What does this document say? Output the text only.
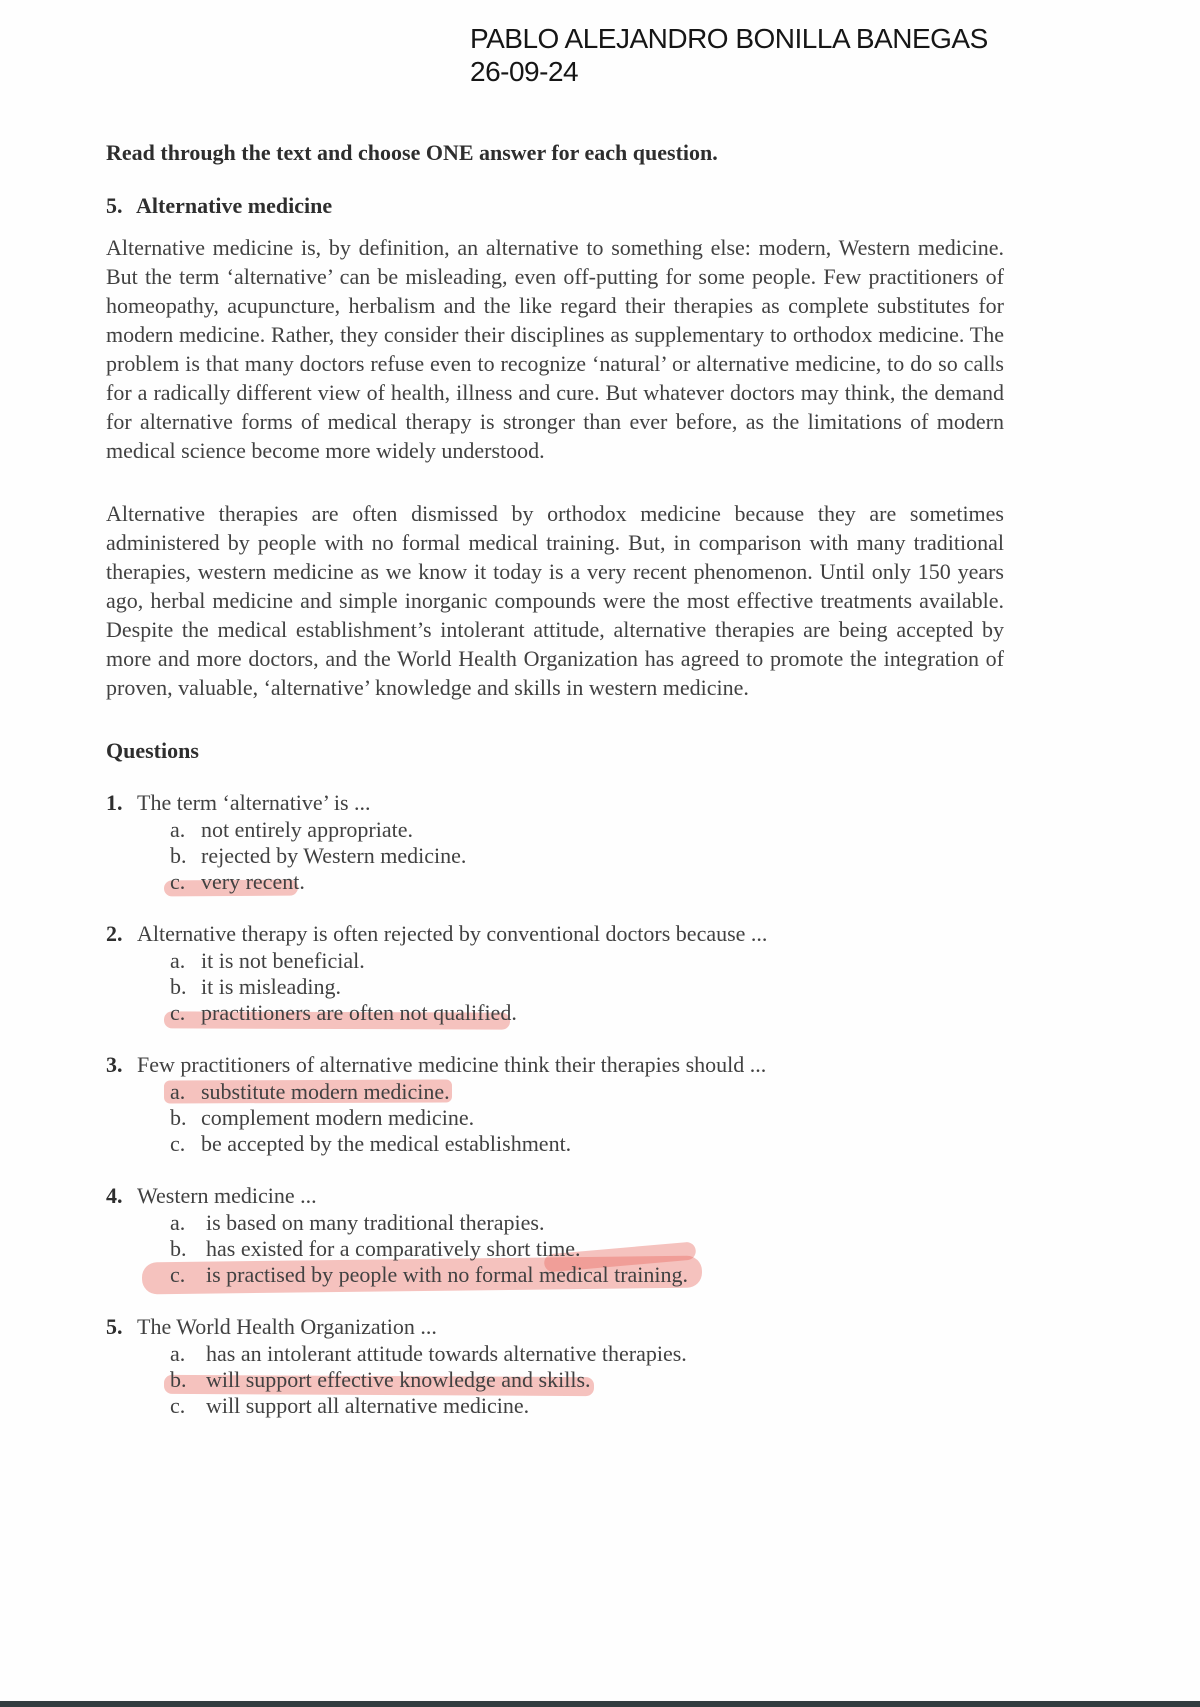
PABLO ALEJANDRO BONILLA BANEGAS
26-09-24

Read through the text and choose ONE answer for each question.

5. Alternative medicine

Alternative medicine is, by definition, an alternative to something else: modern, Western medicine. But the term ‘alternative’ can be misleading, even off-putting for some people. Few practitioners of homeopathy, acupuncture, herbalism and the like regard their therapies as complete substitutes for modern medicine. Rather, they consider their disciplines as supplementary to orthodox medicine. The problem is that many doctors refuse even to recognize ‘natural’ or alternative medicine, to do so calls for a radically different view of health, illness and cure. But whatever doctors may think, the demand for alternative forms of medical therapy is stronger than ever before, as the limitations of modern medical science become more widely understood.

Alternative therapies are often dismissed by orthodox medicine because they are sometimes administered by people with no formal medical training. But, in comparison with many traditional therapies, western medicine as we know it today is a very recent phenomenon. Until only 150 years ago, herbal medicine and simple inorganic compounds were the most effective treatments available. Despite the medical establishment’s intolerant attitude, alternative therapies are being accepted by more and more doctors, and the World Health Organization has agreed to promote the integration of proven, valuable, ‘alternative’ knowledge and skills in western medicine.

Questions

1. The term ‘alternative’ is ...
a. not entirely appropriate.
b. rejected by Western medicine.
c. very recent.
2. Alternative therapy is often rejected by conventional doctors because ...
a. it is not beneficial.
b. it is misleading.
c. practitioners are often not qualified.
3. Few practitioners of alternative medicine think their therapies should ...
a. substitute modern medicine.
b. complement modern medicine.
c. be accepted by the medical establishment.
4. Western medicine ...
a. is based on many traditional therapies.
b. has existed for a comparatively short time.
c. is practised by people with no formal medical training.
5. The World Health Organization ...
a. has an intolerant attitude towards alternative therapies.
b. will support effective knowledge and skills.
c. will support all alternative medicine.
